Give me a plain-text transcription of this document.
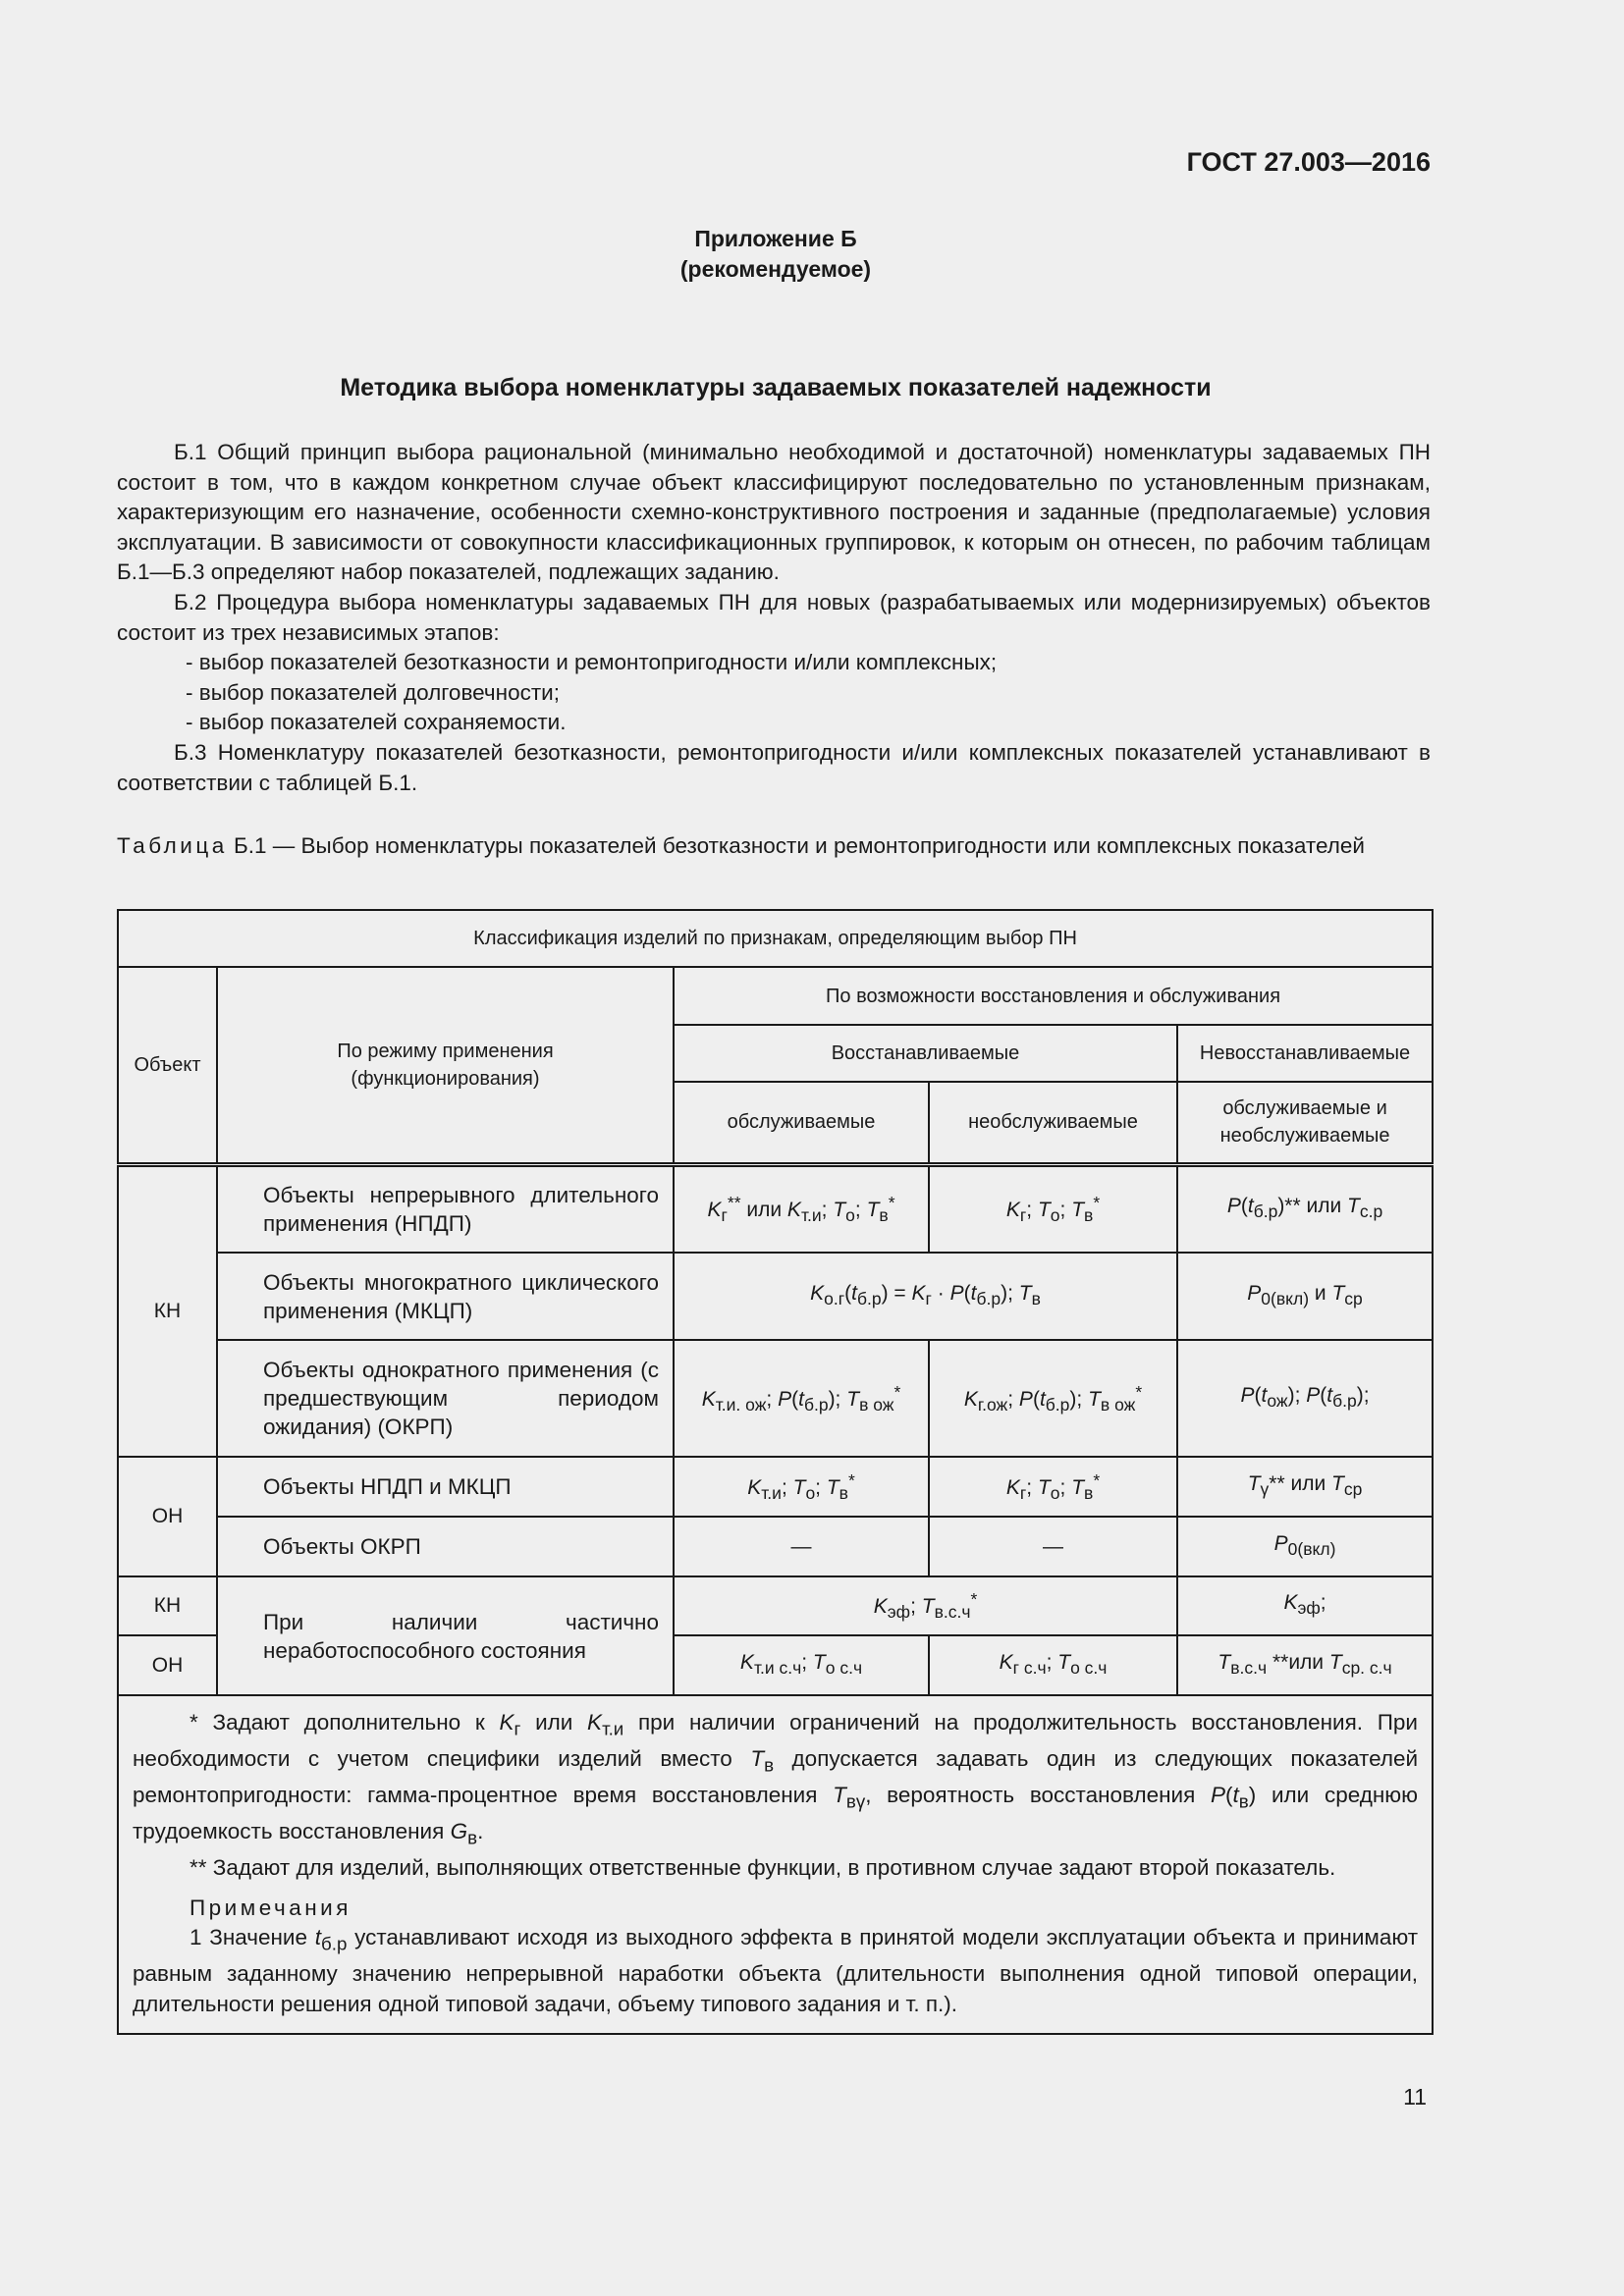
ГОСТ 27.003—2016
Приложение Б
(рекомендуемое)
Методика выбора номенклатуры задаваемых показателей надежности

Б.1 Общий принцип выбора рациональной (минимально необходимой и достаточной) номенклатуры задаваемых ПН состоит в том, что в каждом конкретном случае объект классифицируют последовательно по установленным признакам, характеризующим его назначение, особенности схемно-конструктивного построения и заданные (предполагаемые) условия эксплуатации. В зависимости от совокупности классификационных группировок, к которым он отнесен, по рабочим таблицам Б.1—Б.3 определяют набор показателей, подлежащих заданию.

Б.2 Процедура выбора номенклатуры задаваемых ПН для новых (разрабатываемых или модернизируемых) объектов состоит из трех независимых этапов:

- выбор показателей безотказности и ремонтопригодности и/или комплексных;

- выбор показателей долговечности;

- выбор показателей сохраняемости.

Б.3 Номенклатуру показателей безотказности, ремонтопригодности и/или комплексных показателей устанавливают в соответствии с таблицей Б.1.

Таблица Б.1 — Выбор номенклатуры показателей безотказности и ремонтопригодности или комплексных показателей
Классификация изделий по признакам, определяющим выбор ПН				
Объект	По режиму применения (функционирования)	По возможности восстановления и обслуживания		
		Восстанавливаемые		Невосстанавливаемые
		обслуживаемые	необслуживаемые	обслуживаемые и необслуживаемые
КН	Объекты непрерывного длительного применения (НПДП)	$K_г^{**}$ или $K_{т.и}$; $T_о$; $T_в^*$	$K_г$; $T_о$; $T_в^*$	$P(t_{б.р})**$ или $T_{с.р}$
	Объекты многократного циклического применения (МКЦП)	$K_{о.г}(t_{б.р}) = K_г \cdot P(t_{б.р})$; $T_в$		$P_{0(вкл)}$ и $T_{ср}$
	Объекты однократного применения (с предшествующим периодом ожидания) (ОКРП)	$K_{т.и. ож}$; $P(t_{б.р})$; $T_{в ож}^*$	$K_{г.ож}$; $P(t_{б.р})$; $T_{в ож}^*$	$P(t_{ож})$; $P(t_{б.р})$;
ОН	Объекты НПДП и МКЦП	$K_{т.и}$; $T_о$; $T_в^*$	$K_г$; $T_о$; $T_в^*$	$T_\gamma**$ или $T_{ср}$
	Объекты ОКРП	—	—	$P_{0(вкл)}$
КН	При наличии частично неработоспособного состояния	$K_{эф}$; $T_{в.с.ч}^*$		$K_{эф}$;
ОН		$K_{т.и с.ч}$; $T_{о с.ч}$	$K_{г с.ч}$; $T_{о с.ч}$	$T_{в.с.ч}$ **или $T_{ср. с.ч}$

* Задают дополнительно к $K_г$ или $K_{т.и}$ при наличии ограничений на продолжительность восстановления. При необходимости с учетом специфики изделий вместо $T_в$ допускается задавать один из следующих показателей ремонтопригодности: гамма-процентное время восстановления $T_{в\gamma}$, вероятность восстановления $P(t_в)$ или среднюю трудоемкость восстановления $G_в$.

** Задают для изделий, выполняющих ответственные функции, в противном случае задают второй показатель.

Примечания

1 Значение $t_{б.р}$ устанавливают исходя из выходного эффекта в принятой модели эксплуатации объекта и принимают равным заданному значению непрерывной наработки объекта (длительности выполнения одной типовой операции, длительности решения одной типовой задачи, объему типового задания и т. п.).				

11
